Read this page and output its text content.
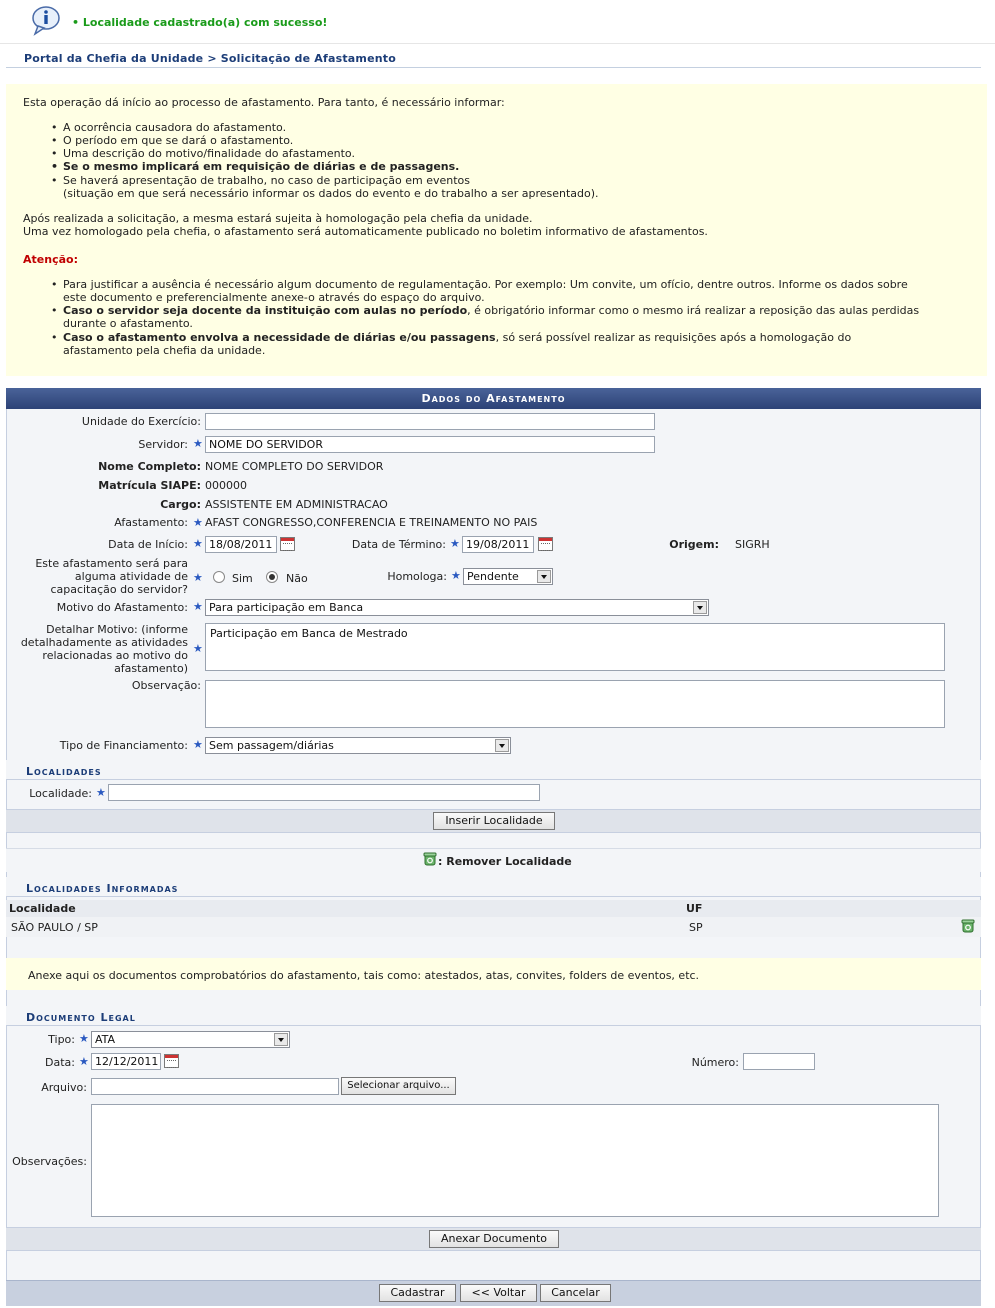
• Localidade cadastrado(a) com sucesso!
Portal da Chefia da Unidade > Solicitação de Afastamento
Esta operação dá início ao processo de afastamento. Para tanto, é necessário informar:
• A ocorrência causadora do afastamento.
• O período em que se dará o afastamento.
• Uma descrição do motivo/finalidade do afastamento.
• Se o mesmo implicará em requisição de diárias e de passagens.
• Se haverá apresentação de trabalho, no caso de participação em eventos
(situação em que será necessário informar os dados do evento e do trabalho a ser apresentado).
Após realizada a solicitação, a mesma estará sujeita à homologação pela chefia da unidade.
Uma vez homologado pela chefia, o afastamento será automaticamente publicado no boletim informativo de afastamentos.
Atenção:
• Para justificar a ausência é necessário algum documento de regulamentação. Por exemplo: Um convite, um ofício, dentre outros. Informe os dados sobre
este documento e preferencialmente anexe-o através do espaço do arquivo.
• Caso o servidor seja docente da instituição com aulas no período, é obrigatório informar como o mesmo irá realizar a reposição das aulas perdidas
durante o afastamento.
• Caso o afastamento envolva a necessidade de diárias e/ou passagens, só será possível realizar as requisições após a homologação do
afastamento pela chefia da unidade.
Dados do Afastamento
Unidade do Exercício:
Servidor: ★ NOME DO SERVIDOR
Nome Completo: NOME COMPLETO DO SERVIDOR
Matrícula SIAPE: 000000
Cargo: ASSISTENTE EM ADMINISTRACAO
Afastamento: ★ AFAST CONGRESSO,CONFERENCIA E TREINAMENTO NO PAIS
Data de Início: ★ 18/08/2011	Data de Término: ★ 19/08/2011	Origem: SIGRH
Este afastamento será para
alguma atividade de
capacitação do servidor?
★	Sim	Não	Homologa: ★ Pendente
Motivo do Afastamento: ★ Para participação em Banca
Detalhar Motivo: (informe
detalhadamente as atividades
relacionadas ao motivo do
afastamento)
★
Participação em Banca de Mestrado
Observação:
Tipo de Financiamento: ★ Sem passagem/diárias
Localidades
Localidade: ★
Inserir Localidade
: Remover Localidade
Localidades Informadas
Localidade	UF
SÃO PAULO / SP	SP
Anexe aqui os documentos comprobatórios do afastamento, tais como: atestados, atas, convites, folders de eventos, etc.
Documento Legal
Tipo: ★ ATA
Data: ★ 12/12/2011	Número:
Arquivo:	Selecionar arquivo...
Observações:
Anexar Documento
Cadastrar	<< Voltar	Cancelar
